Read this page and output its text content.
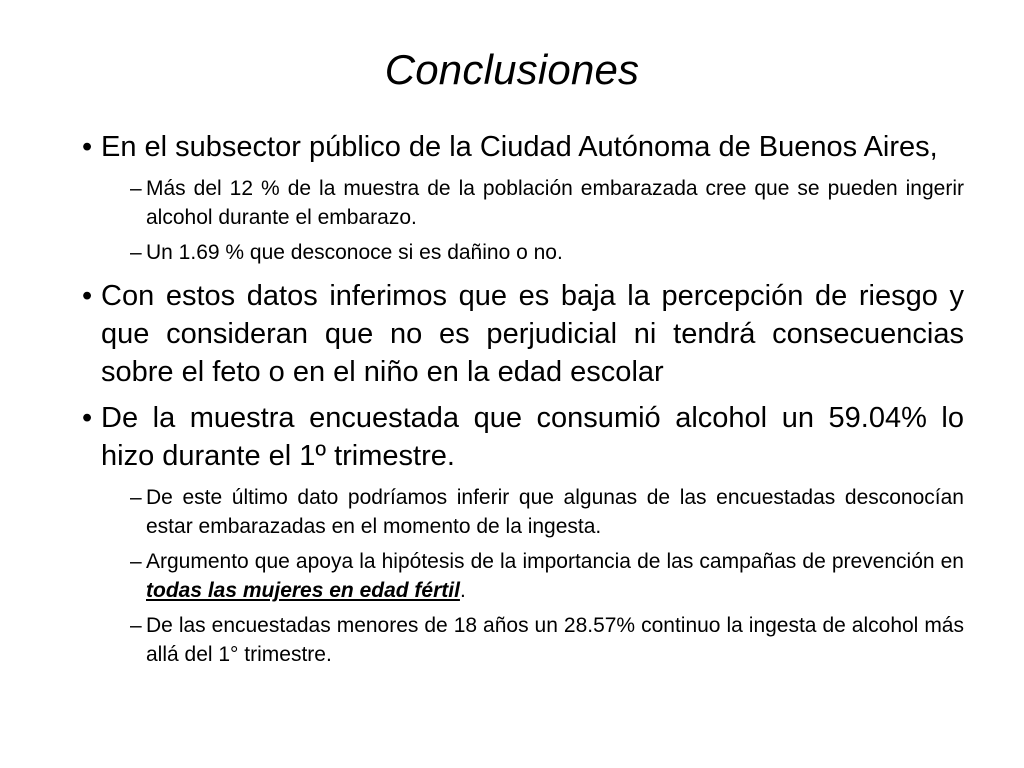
Conclusiones
• En el subsector público de la Ciudad Autónoma de Buenos Aires,
– Más del 12 % de la muestra de la población embarazada cree que se pueden ingerir alcohol durante el embarazo.
– Un 1.69 % que desconoce si es dañino o no.
• Con estos datos inferimos que es baja la percepción de riesgo y que consideran que no es perjudicial ni tendrá consecuencias sobre el feto o en el niño en la edad escolar
• De la muestra encuestada que consumió alcohol un 59.04% lo hizo durante el 1º trimestre.
– De este último dato podríamos inferir que algunas de las encuestadas desconocían estar embarazadas en el momento de la ingesta.
– Argumento que apoya la hipótesis de la importancia de las campañas de prevención en todas las mujeres en edad fértil.
– De las encuestadas menores de 18 años un 28.57% continuo la ingesta de alcohol más allá del 1° trimestre.
